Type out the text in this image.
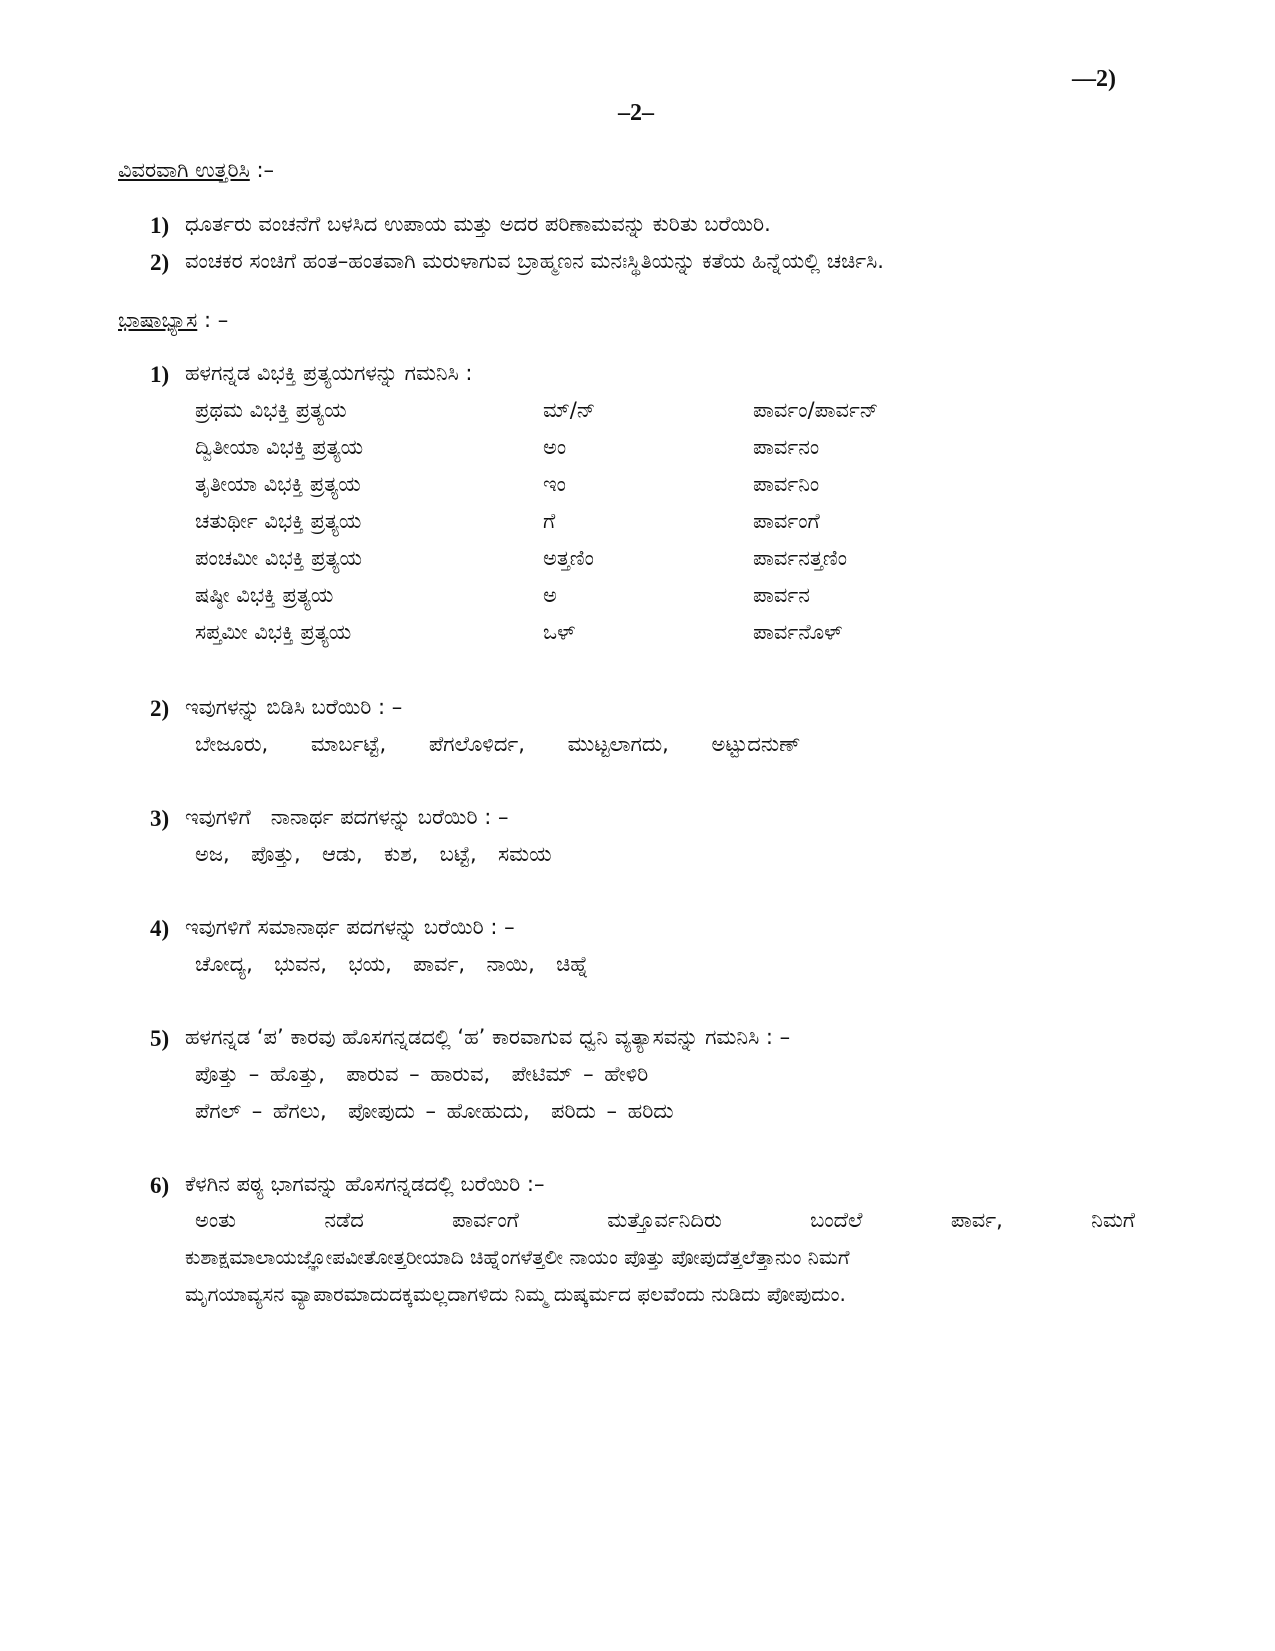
––2)
–2–
ವಿವರವಾಗಿ ಉತ್ತರಿಸಿ :–
1) ಧೂರ್ತರು ವಂಚನೆಗೆ ಬಳಸಿದ ಉಪಾಯ ಮತ್ತು ಅದರ ಪರಿಣಾಮವನ್ನು ಕುರಿತು ಬರೆಯಿರಿ.
2) ವಂಚಕರ ಸಂಚಿಗೆ ಹಂತ–ಹಂತವಾಗಿ ಮರುಳಾಗುವ ಬ್ರಾಹ್ಮಣನ ಮನಃಸ್ಥಿತಿಯನ್ನು ಕತೆಯ ಹಿನ್ನೆಯಲ್ಲಿ ಚರ್ಚಿಸಿ.
ಭಾಷಾಭ್ಯಾಸ : –
1) ಹಳಗನ್ನಡ ವಿಭಕ್ತಿ ಪ್ರತ್ಯಯಗಳನ್ನು ಗಮನಿಸಿ :
ಪ್ರಥಮ ವಿಭಕ್ತಿ ಪ್ರತ್ಯಯ	ಮ್/ನ್	ಪಾರ್ವಂ/ಪಾರ್ವನ್
ದ್ವಿತೀಯಾ ವಿಭಕ್ತಿ ಪ್ರತ್ಯಯ	ಅಂ	ಪಾರ್ವನಂ
ತೃತೀಯಾ ವಿಭಕ್ತಿ ಪ್ರತ್ಯಯ	ಇಂ	ಪಾರ್ವನಿಂ
ಚತುರ್ಥೀ ವಿಭಕ್ತಿ ಪ್ರತ್ಯಯ	ಗೆ	ಪಾರ್ವಂಗೆ
ಪಂಚಮೀ ವಿಭಕ್ತಿ ಪ್ರತ್ಯಯ	ಅತ್ತಣಿಂ	ಪಾರ್ವನತ್ತಣಿಂ
ಷಷ್ಠೀ ವಿಭಕ್ತಿ ಪ್ರತ್ಯಯ	ಅ	ಪಾರ್ವನ
ಸಪ್ತಮೀ ವಿಭಕ್ತಿ ಪ್ರತ್ಯಯ	ಒಳ್	ಪಾರ್ವನೊಳ್
2) ಇವುಗಳನ್ನು ಬಿಡಿಸಿ ಬರೆಯಿರಿ : –
ಬೇಜೂರು,    ಮಾರ್ಬಟ್ಟೆ,    ಪೆಗಲೊಳಿರ್ದ,    ಮುಟ್ಟಲಾಗದು,    ಅಟ್ಟುದನುಣ್
3) ಇವುಗಳಿಗೆ   ನಾನಾರ್ಥ ಪದಗಳನ್ನು ಬರೆಯಿರಿ : –
ಅಜ,  ಪೊತ್ತು,  ಆಡು,  ಕುಶ,  ಬಟ್ಟೆ,  ಸಮಯ
4) ಇವುಗಳಿಗೆ ಸಮಾನಾರ್ಥ ಪದಗಳನ್ನು ಬರೆಯಿರಿ : –
ಚೋದ್ಯ,  ಭುವನ,  ಭಯ,  ಪಾರ್ವ,  ನಾಯಿ,  ಚಿಹ್ನೆ
5) ಹಳಗನ್ನಡ ‘ಪ’ ಕಾರವು ಹೊಸಗನ್ನಡದಲ್ಲಿ ‘ಹ’ ಕಾರವಾಗುವ ಧ್ವನಿ ವ್ಯತ್ಯಾಸವನ್ನು ಗಮನಿಸಿ : –
ಪೊತ್ತು – ಹೊತ್ತು,  ಪಾರುವ – ಹಾರುವ,  ಪೇಟಿಮ್ – ಹೇಳಿರಿ
ಪೆಗಲ್ – ಹೆಗಲು,  ಪೋಪುದು – ಹೋಹುದು,  ಪರಿದು – ಹರಿದು
6) ಕೆಳಗಿನ ಪಠ್ಯ ಭಾಗವನ್ನು ಹೊಸಗನ್ನಡದಲ್ಲಿ ಬರೆಯಿರಿ :–
ಅಂತು	ನಡೆದ	ಪಾರ್ವಂಗೆ	ಮತ್ತೊರ್ವನಿದಿರು	ಬಂದೆಲೆ	ಪಾರ್ವ,	ನಿಮಗೆ
ಕುಶಾಕ್ಷಮಾಲಾಯಜ್ಞೋಪವೀತೋತ್ತರೀಯಾದಿ ಚಿಹ್ನೆಂಗಳೆತ್ತಲೀ ನಾಯಂ ಪೊತ್ತು ಪೋಪುದೆತ್ತಲೆತ್ತಾನುಂ ನಿಮಗೆ
ಮೃಗಯಾವ್ಯಸನ ವ್ಯಾಪಾರಮಾದುದಕ್ಕಮಲ್ಲದಾಗಳಿದು ನಿಮ್ಮ ದುಷ್ಕರ್ಮದ ಫಲವೆಂದು ನುಡಿದು ಪೋಪುದುಂ.
